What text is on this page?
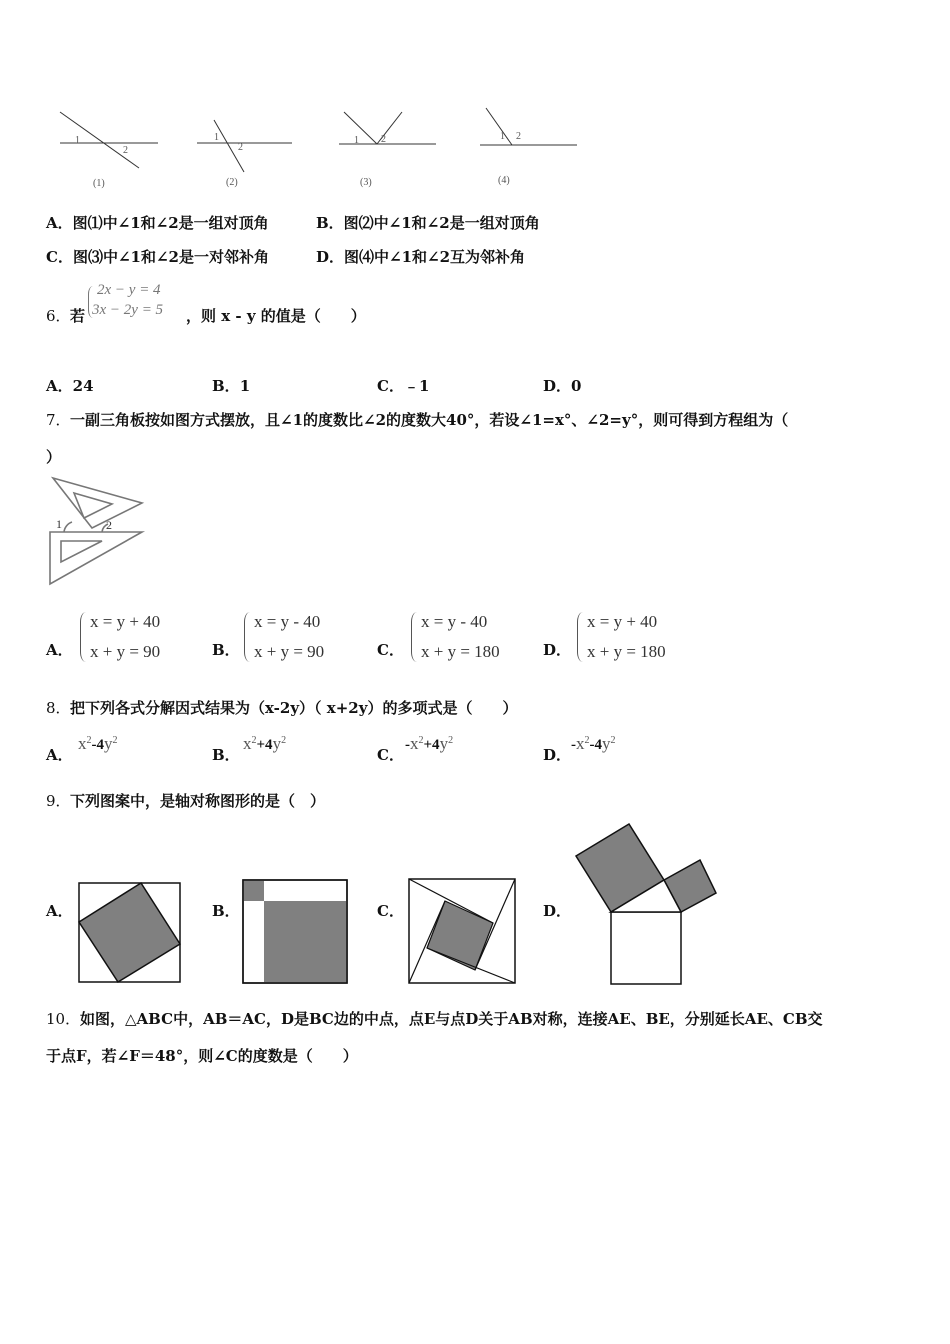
1
2
1
2
1 2	1 2
(1)	(2)	(3)	(4)
A．图⑴中∠1和∠2是一组对顶角	B．图⑵中∠1和∠2是一组对顶角
C．图⑶中∠1和∠2是一对邻补角	D．图⑷中∠1和∠2互为邻补角
6． 若
2x − y = 4
3x − 2y = 5 ，则 x - y 的值是（　　）
A．24	B．1	C．﹣1	D．0
7． 一副三角板按如图方式摆放，且∠1的度数比∠2的度数大40°，若设∠1=x°、∠2=y°，则可得到方程组为（
）
1	2
A．
x = y + 40
x + y = 90	B．
x = y - 40
x + y = 90	C．
x = y - 40
x + y = 180	D．
x = y + 40
x + y = 180
8． 把下列各式分解因式结果为（x-2y）（ x+2y）的多项式是（　　）
A．
$x^2-4y^2$
B．
$x^2+4y^2$
C．
$-x^2+4y^2$
D．
$-x^2-4y^2$
9． 下列图案中，是轴对称图形的是（　）
A．	B．	C．	D．
10． 如图，△ABC中，AB＝AC，D是BC边的中点，点E与点D关于AB对称，连接AE、BE，分别延长AE、CB交
于点F，若∠F＝48°，则∠C的度数是（　　）
